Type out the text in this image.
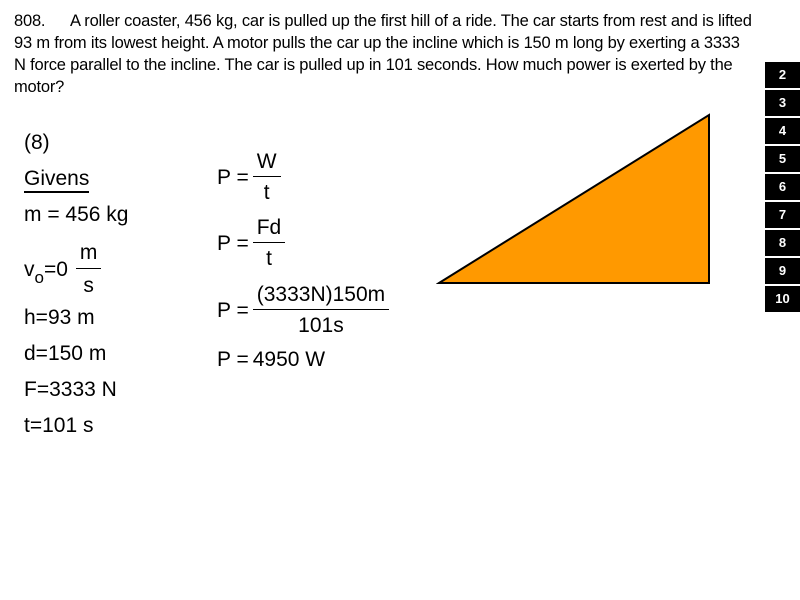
808. A roller coaster, 456 kg, car is pulled up the first hill of a ride. The car starts from rest and is lifted 93 m from its lowest height. A motor pulls the car up the incline which is 150 m long by exerting a 3333 N force parallel to the incline. The car is pulled up in 101 seconds. How much power is exerted by the motor?
(8)
Givens
m = 456 kg
v $o =0 \frac{m}{s}$
h=93 m
d=150 m
F=3333 N
t=101 s
$P = \frac{W}{t}$
$P = \frac{Fd}{t}$
$P = \frac{(3333N)150m}{101s}$
P = 4950 W
2
3
4
5
6
7
8
9
10
